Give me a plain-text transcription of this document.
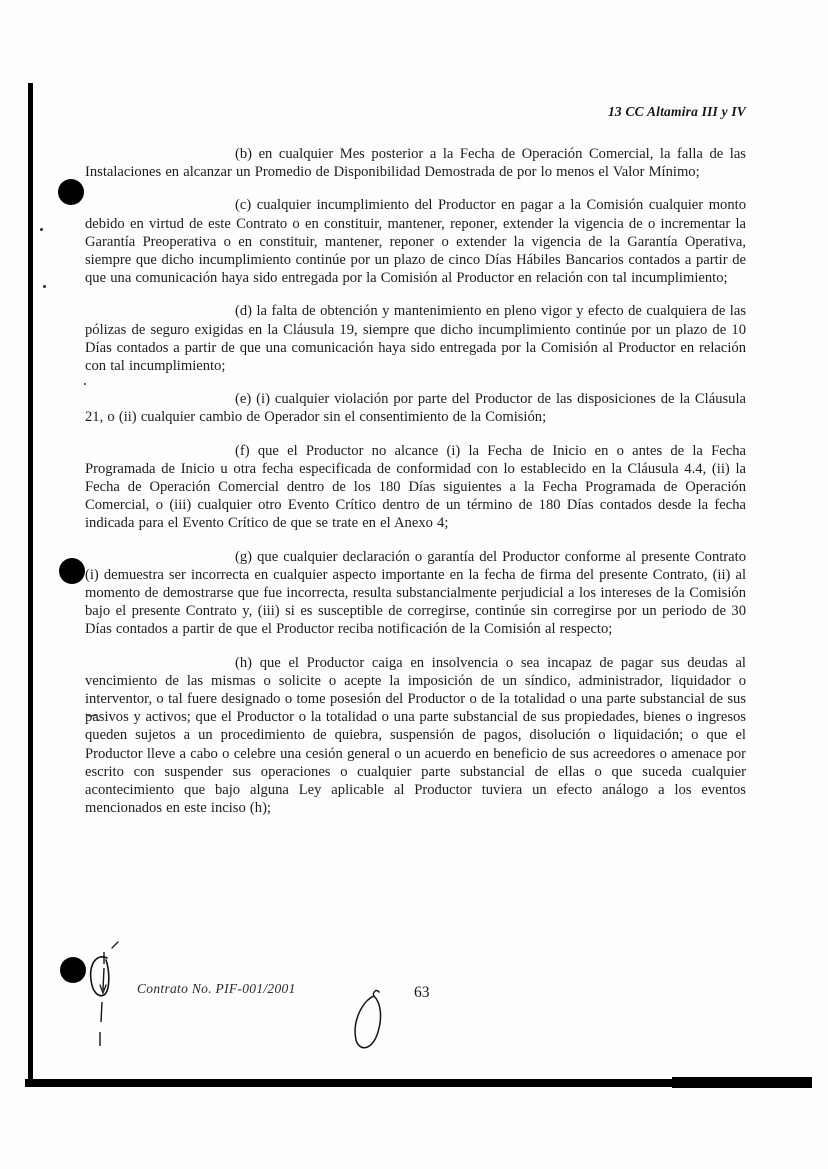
13 CC Altamira III y IV

(b) en cualquier Mes posterior a la Fecha de Operación Comercial, la falla de las Instalaciones en alcanzar un Promedio de Disponibilidad Demostrada de por lo menos el Valor Mínimo;

(c) cualquier incumplimiento del Productor en pagar a la Comisión cualquier monto debido en virtud de este Contrato o en constituir, mantener, reponer, extender la vigencia de o incrementar la Garantía Preoperativa o en constituir, mantener, reponer o extender la vigencia de la Garantía Operativa, siempre que dicho incumplimiento continúe por un plazo de cinco Días Hábiles Bancarios contados a partir de que una comunicación haya sido entregada por la Comisión al Productor en relación con tal incumplimiento;

(d) la falta de obtención y mantenimiento en pleno vigor y efecto de cualquiera de las pólizas de seguro exigidas en la Cláusula 19, siempre que dicho incumplimiento continúe por un plazo de 10 Días contados a partir de que una comunicación haya sido entregada por la Comisión al Productor en relación con tal incumplimiento;

(e) (i) cualquier violación por parte del Productor de las disposiciones de la Cláusula 21, o (ii) cualquier cambio de Operador sin el consentimiento de la Comisión;

(f) que el Productor no alcance (i) la Fecha de Inicio en o antes de la Fecha Programada de Inicio u otra fecha especificada de conformidad con lo establecido en la Cláusula 4.4, (ii) la Fecha de Operación Comercial dentro de los 180 Días siguientes a la Fecha Programada de Operación Comercial, o (iii) cualquier otro Evento Crítico dentro de un término de 180 Días contados desde la fecha indicada para el Evento Crítico de que se trate en el Anexo 4;

(g) que cualquier declaración o garantía del Productor conforme al presente Contrato (i) demuestra ser incorrecta en cualquier aspecto importante en la fecha de firma del presente Contrato, (ii) al momento de demostrarse que fue incorrecta, resulta substancialmente perjudicial a los intereses de la Comisión bajo el presente Contrato y, (iii) si es susceptible de corregirse, continúe sin corregirse por un periodo de 30 Días contados a partir de que el Productor reciba notificación de la Comisión al respecto;

(h) que el Productor caiga en insolvencia o sea incapaz de pagar sus deudas al vencimiento de las mismas o solicite o acepte la imposición de un síndico, administrador, liquidador o interventor, o tal fuere designado o tome posesión del Productor o de la totalidad o una parte substancial de sus pasivos y activos; que el Productor o la totalidad o una parte substancial de sus propiedades, bienes o ingresos queden sujetos a un procedimiento de quiebra, suspensión de pagos, disolución o liquidación; o que el Productor lleve a cabo o celebre una cesión general o un acuerdo en beneficio de sus acreedores o amenace por escrito con suspender sus operaciones o cualquier parte substancial de ellas o que suceda cualquier acontecimiento que bajo alguna Ley aplicable al Productor tuviera un efecto análogo a los eventos mencionados en este inciso (h);

Contrato No. PIF-001/2001	63
